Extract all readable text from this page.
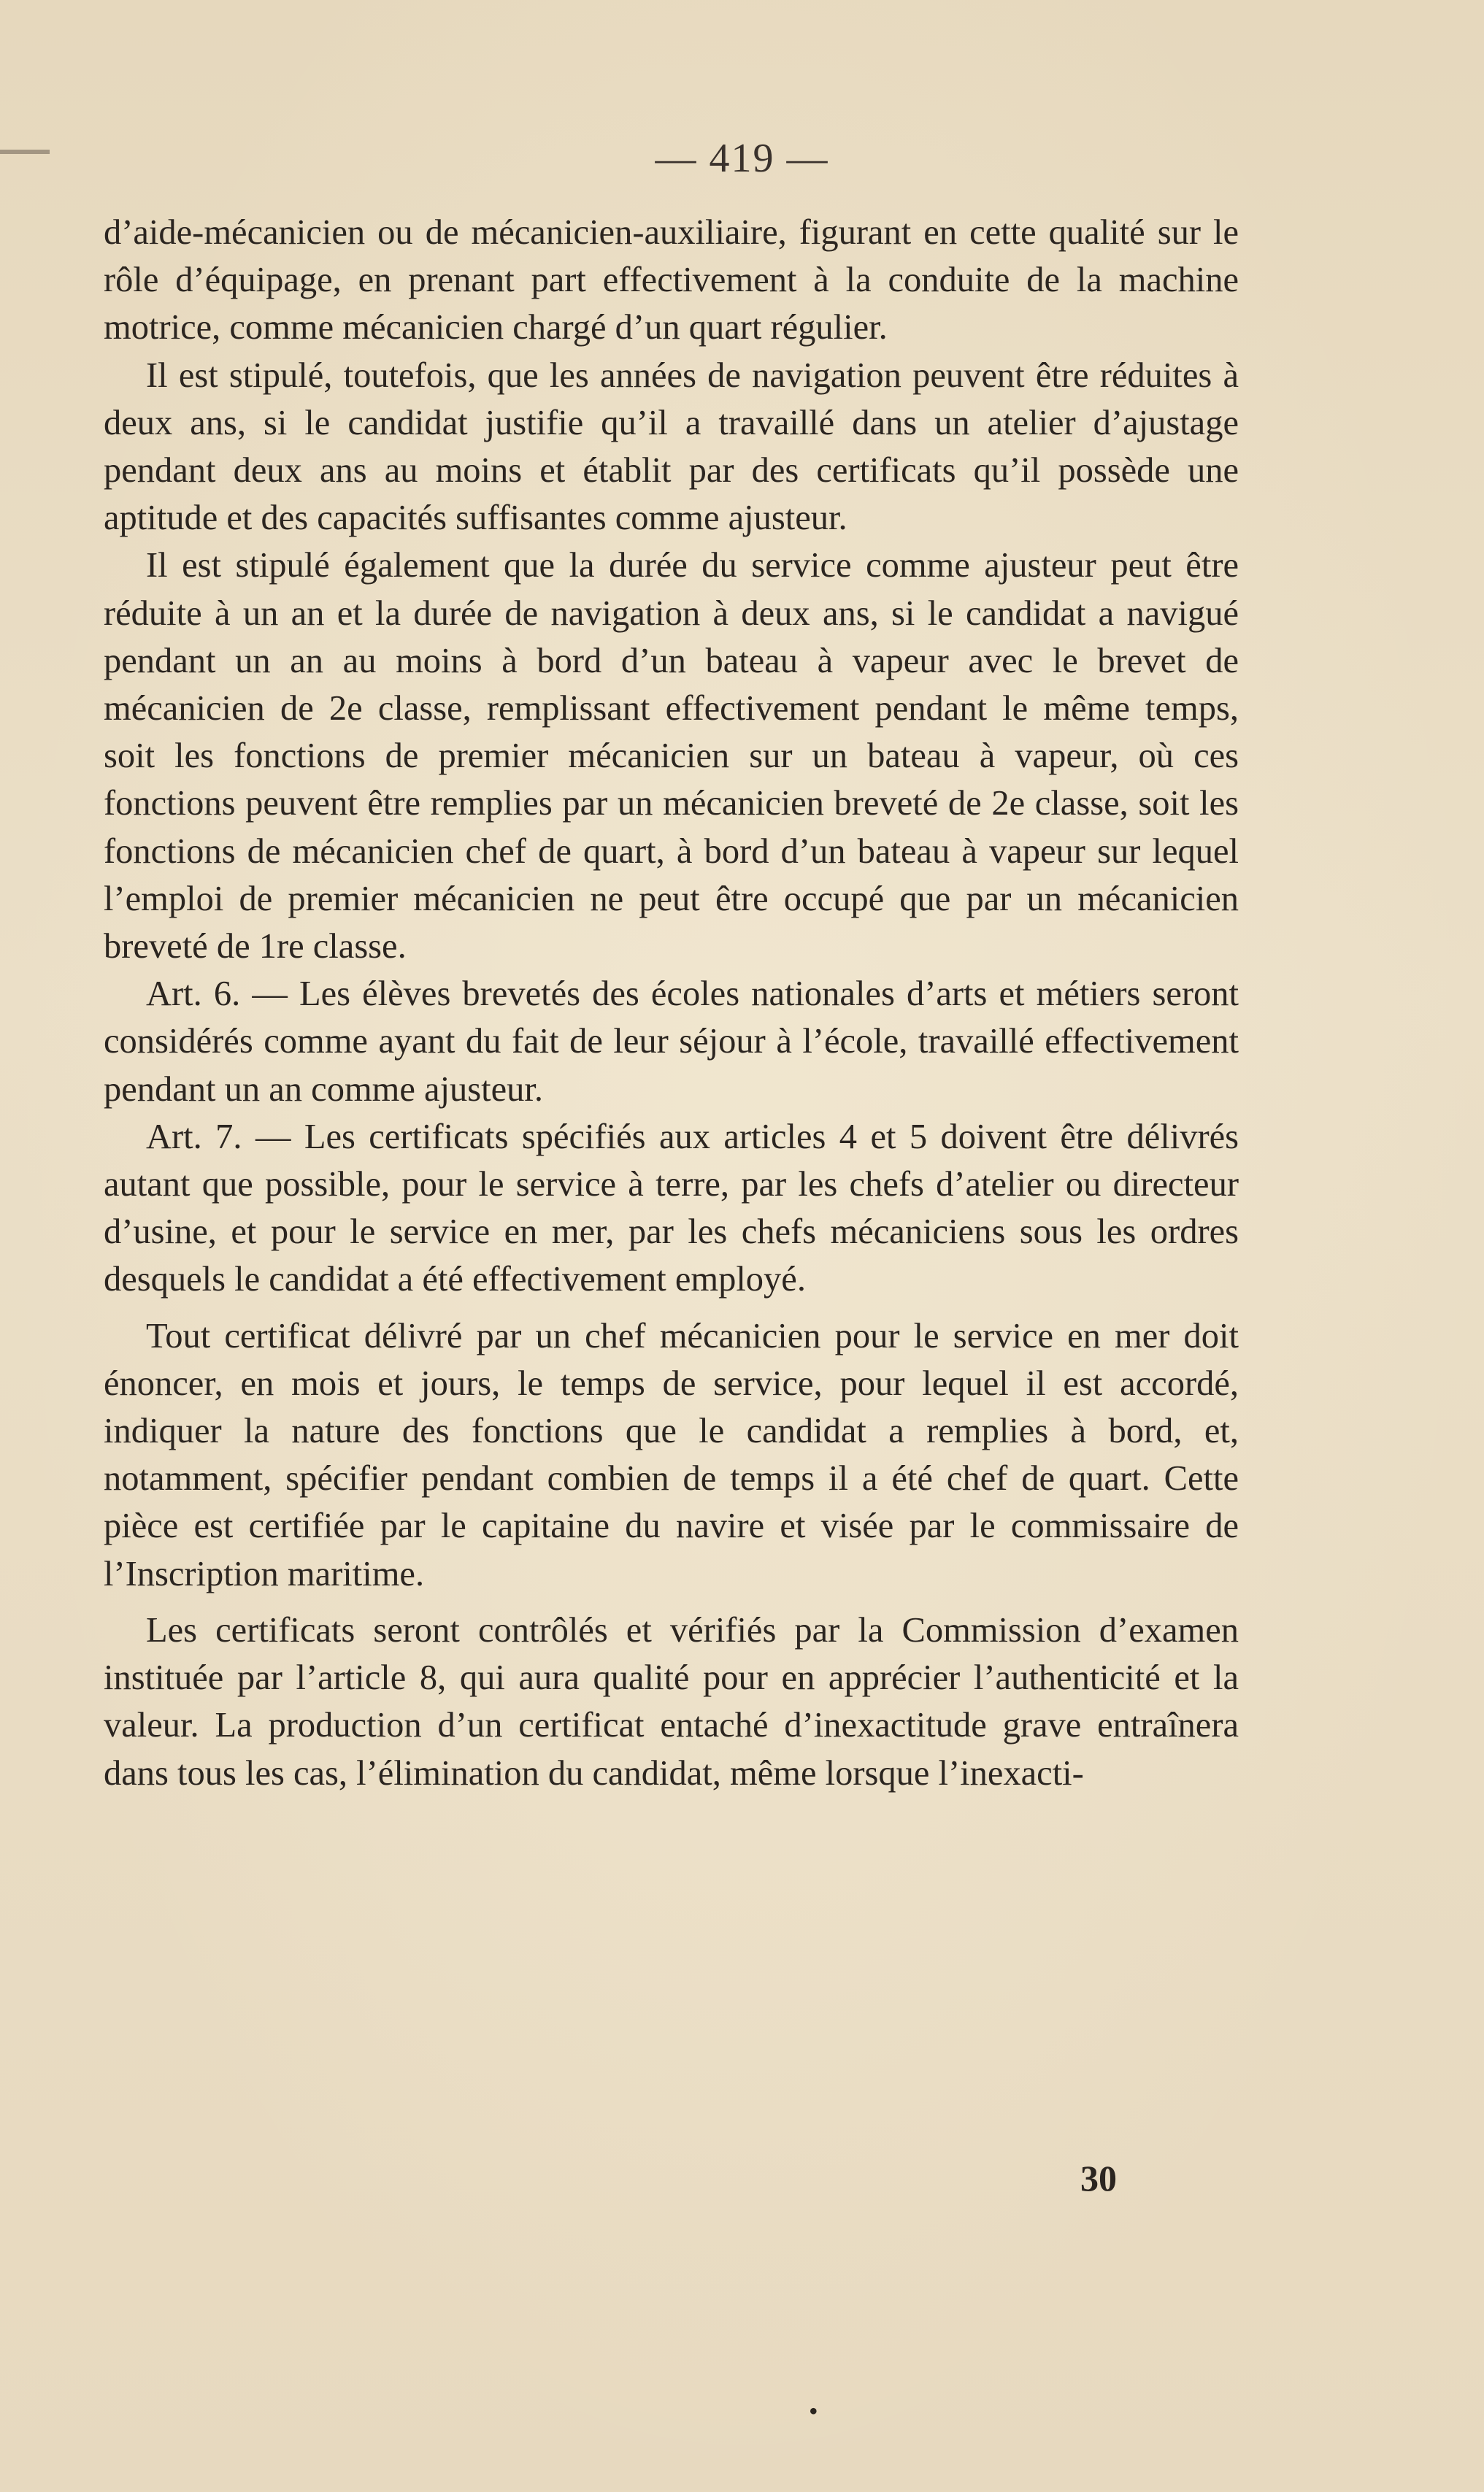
— 419 —

d’aide-mécanicien ou de mécanicien-auxiliaire, figurant en cette qualité sur le rôle d’équipage, en prenant part effectivement à la conduite de la machine motrice, comme mécanicien chargé d’un quart régulier.

Il est stipulé, toutefois, que les années de navigation peuvent être réduites à deux ans, si le candidat justifie qu’il a travaillé dans un atelier d’ajustage pendant deux ans au moins et établit par des certificats qu’il possède une aptitude et des capacités suffisantes comme ajusteur.

Il est stipulé également que la durée du service comme ajusteur peut être réduite à un an et la durée de navigation à deux ans, si le candidat a navigué pendant un an au moins à bord d’un bateau à vapeur avec le brevet de mécanicien de 2e classe, remplissant effectivement pendant le même temps, soit les fonctions de premier mécanicien sur un bateau à vapeur, où ces fonctions peuvent être remplies par un mécanicien breveté de 2e classe, soit les fonctions de mécanicien chef de quart, à bord d’un bateau à vapeur sur lequel l’emploi de premier mécanicien ne peut être occupé que par un mécanicien breveté de 1re classe.

Art. 6. — Les élèves brevetés des écoles nationales d’arts et métiers seront considérés comme ayant du fait de leur séjour à l’école, travaillé effectivement pendant un an comme ajusteur.

Art. 7. — Les certificats spécifiés aux articles 4 et 5 doivent être délivrés autant que possible, pour le service à terre, par les chefs d’atelier ou directeur d’usine, et pour le service en mer, par les chefs mécaniciens sous les ordres desquels le candidat a été effectivement employé.

Tout certificat délivré par un chef mécanicien pour le service en mer doit énoncer, en mois et jours, le temps de service, pour lequel il est accordé, indiquer la nature des fonctions que le candidat a remplies à bord, et, notamment, spécifier pendant combien de temps il a été chef de quart. Cette pièce est certifiée par le capitaine du navire et visée par le commissaire de l’Inscription maritime.

Les certificats seront contrôlés et vérifiés par la Commission d’examen instituée par l’article 8, qui aura qualité pour en apprécier l’authenticité et la valeur. La production d’un certificat entaché d’inexactitude grave entraînera dans tous les cas, l’élimination du candidat, même lorsque l’inexacti-

30
•
